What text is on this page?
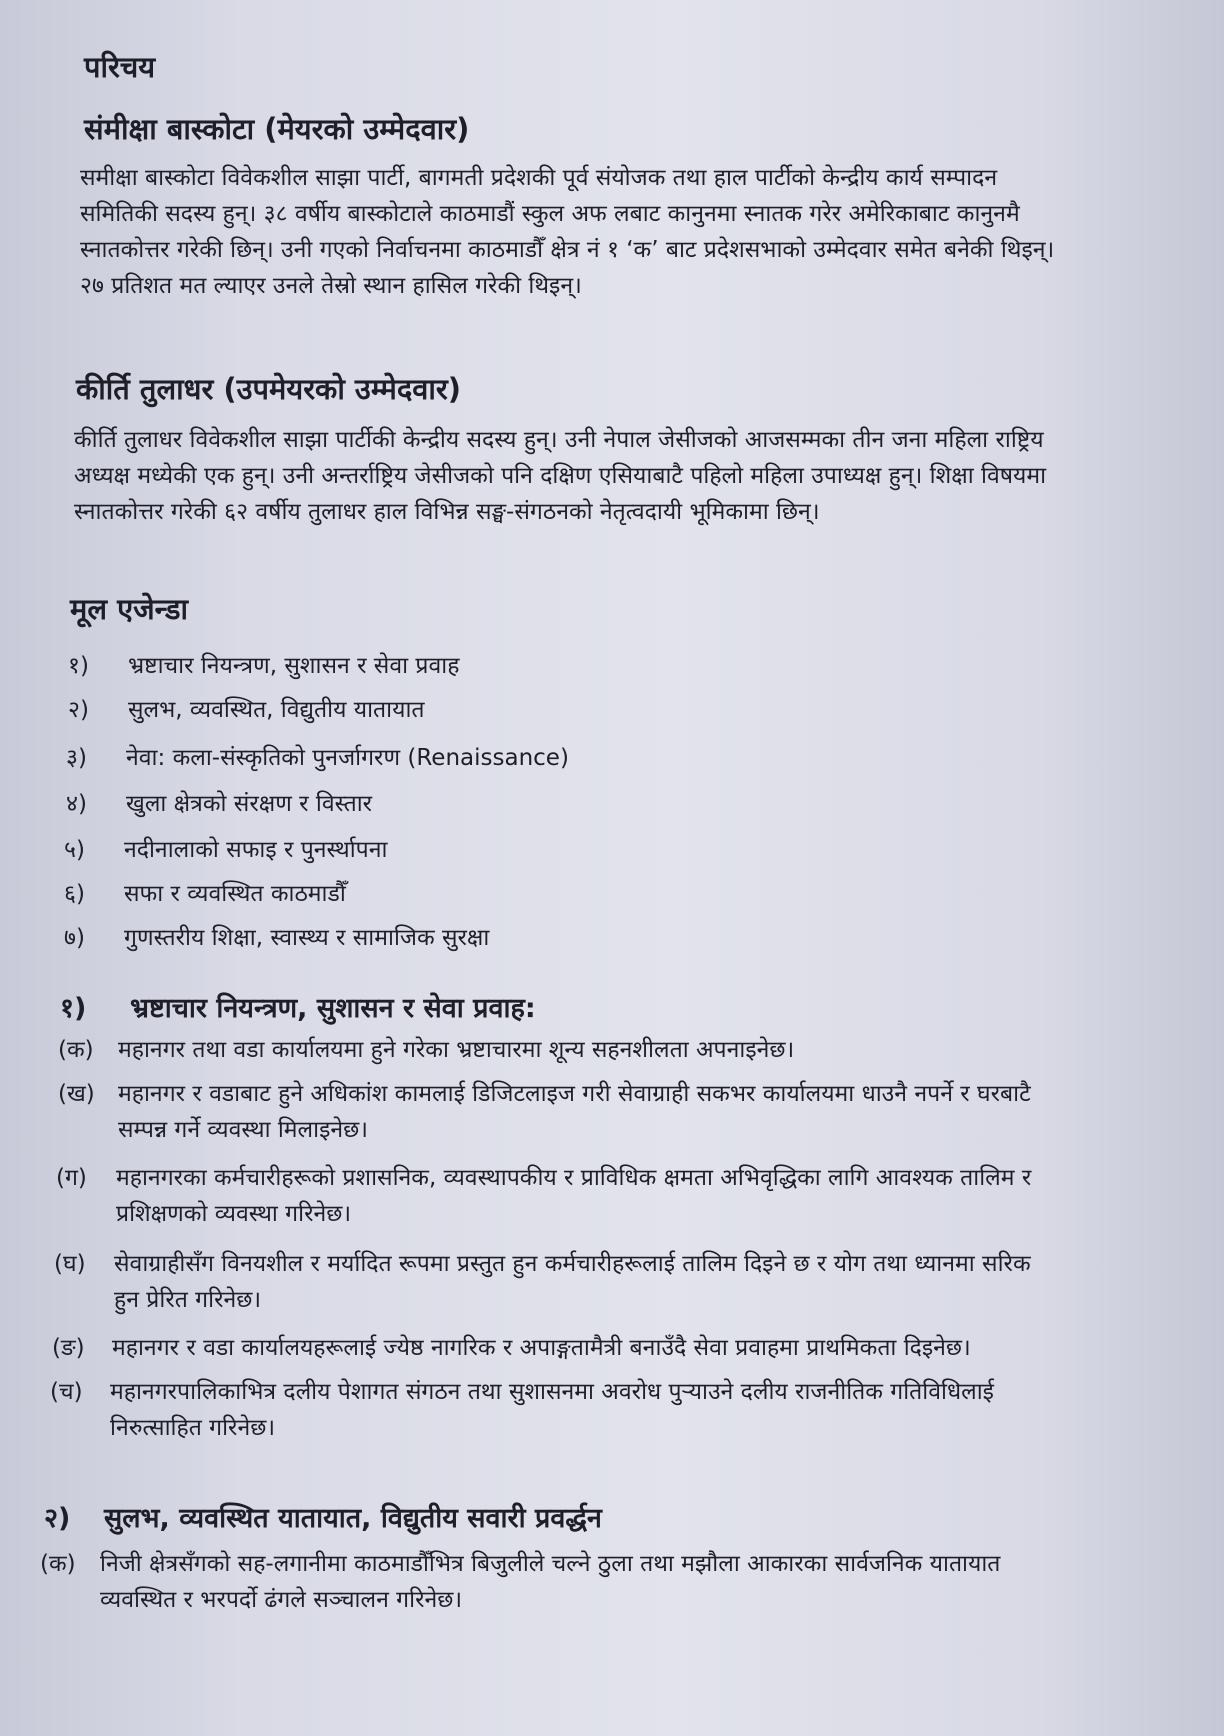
परिचय
संमीक्षा बास्कोटा (मेयरको उम्मेदवार)
समीक्षा बास्कोटा विवेकशील साझा पार्टी, बागमती प्रदेशकी पूर्व संयोजक तथा हाल पार्टीको केन्द्रीय कार्य सम्पादन
समितिकी सदस्य हुन्। ३८ वर्षीय बास्कोटाले काठमाडौं स्कुल अफ लबाट कानुनमा स्नातक गरेर अमेरिकाबाट कानुनमै
स्नातकोत्तर गरेकी छिन्। उनी गएको निर्वाचनमा काठमाडौँ क्षेत्र नं १ ‘क’ बाट प्रदेशसभाको उम्मेदवार समेत बनेकी थिइन्।
२७ प्रतिशत मत ल्याएर उनले तेस्रो स्थान हासिल गरेकी थिइन्।
कीर्ति तुलाधर (उपमेयरको उम्मेदवार)
कीर्ति तुलाधर विवेकशील साझा पार्टीकी केन्द्रीय सदस्य हुन्। उनी नेपाल जेसीजको आजसम्मका तीन जना महिला राष्ट्रिय
अध्यक्ष मध्येकी एक हुन्। उनी अन्तर्राष्ट्रिय जेसीजको पनि दक्षिण एसियाबाटै पहिलो महिला उपाध्यक्ष हुन्। शिक्षा विषयमा
स्नातकोत्तर गरेकी ६२ वर्षीय तुलाधर हाल विभिन्न सङ्घ-संगठनको नेतृत्वदायी भूमिकामा छिन्।
मूल एजेन्डा
१) भ्रष्टाचार नियन्त्रण, सुशासन र सेवा प्रवाह
२) सुलभ, व्यवस्थित, विद्युतीय यातायात
३) नेवा: कला-संस्कृतिको पुनर्जागरण (Renaissance)
४) खुला क्षेत्रको संरक्षण र विस्तार
५) नदीनालाको सफाइ र पुनर्स्थापना
६) सफा र व्यवस्थित काठमाडौँ
७) गुणस्तरीय शिक्षा, स्वास्थ्य र सामाजिक सुरक्षा
१) भ्रष्टाचार नियन्त्रण, सुशासन र सेवा प्रवाह:
(क) महानगर तथा वडा कार्यालयमा हुने गरेका भ्रष्टाचारमा शून्य सहनशीलता अपनाइनेछ।
(ख) महानगर र वडाबाट हुने अधिकांश कामलाई डिजिटलाइज गरी सेवाग्राही सकभर कार्यालयमा धाउनै नपर्ने र घरबाटै
सम्पन्न गर्ने व्यवस्था मिलाइनेछ।
(ग) महानगरका कर्मचारीहरूको प्रशासनिक, व्यवस्थापकीय र प्राविधिक क्षमता अभिवृद्धिका लागि आवश्यक तालिम र
प्रशिक्षणको व्यवस्था गरिनेछ।
(घ) सेवाग्राहीसँग विनयशील र मर्यादित रूपमा प्रस्तुत हुन कर्मचारीहरूलाई तालिम दिइने छ र योग तथा ध्यानमा सरिक
हुन प्रेरित गरिनेछ।
(ङ) महानगर र वडा कार्यालयहरूलाई ज्येष्ठ नागरिक र अपाङ्गतामैत्री बनाउँदै सेवा प्रवाहमा प्राथमिकता दिइनेछ।
(च) महानगरपालिकाभित्र दलीय पेशागत संगठन तथा सुशासनमा अवरोध पुऱ्याउने दलीय राजनीतिक गतिविधिलाई
निरुत्साहित गरिनेछ।
२) सुलभ, व्यवस्थित यातायात, विद्युतीय सवारी प्रवर्द्धन
(क) निजी क्षेत्रसँगको सह-लगानीमा काठमाडौँभित्र बिजुलीले चल्ने ठुला तथा मझौला आकारका सार्वजनिक यातायात
व्यवस्थित र भरपर्दो ढंगले सञ्चालन गरिनेछ।
